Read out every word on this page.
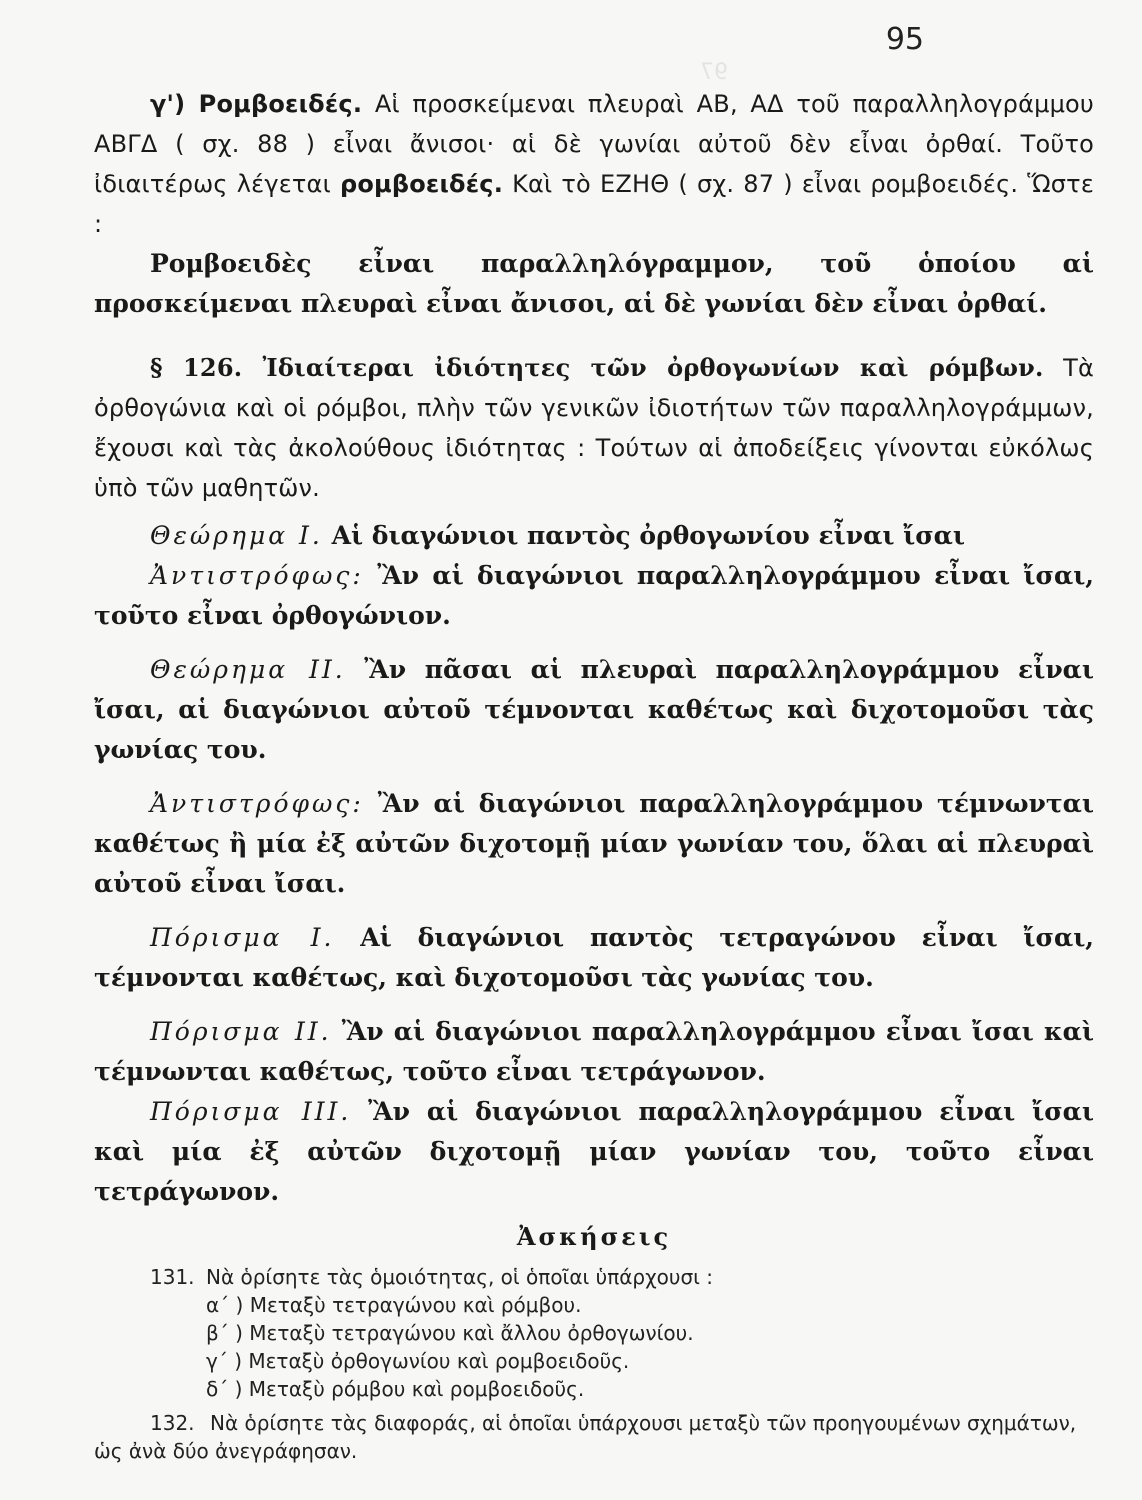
97
95

γ') Ρομβοειδές. Αἱ προσκείμεναι πλευραὶ ΑΒ, ΑΔ τοῦ παραλληλογράμμου ΑΒΓΔ ( σχ. 88 ) εἶναι ἄνισοι· αἱ δὲ γωνίαι αὐτοῦ δὲν εἶναι ὀρθαί. Τοῦτο ἰδιαιτέρως λέγεται ρομβοειδές. Καὶ τὸ ΕΖΗΘ ( σχ. 87 ) εἶναι ρομβοειδές. Ὥστε :

Ρομβοειδὲς εἶναι παραλληλόγραμμον, τοῦ ὁποίου αἱ προσκείμεναι πλευραὶ εἶναι ἄνισοι, αἱ δὲ γωνίαι δὲν εἶναι ὀρθαί.

§ 126. Ἰδιαίτεραι ἰδιότητες τῶν ὀρθογωνίων καὶ ρόμβων. Τὰ ὀρθογώνια καὶ οἱ ρόμβοι, πλὴν τῶν γενικῶν ἰδιοτήτων τῶν παραλληλογράμμων, ἔχουσι καὶ τὰς ἀκολούθους ἰδιότητας : Τούτων αἱ ἀποδείξεις γίνονται εὐκόλως ὑπὸ τῶν μαθητῶν.

Θεώρημα Ι. Αἱ διαγώνιοι παντὸς ὀρθογωνίου εἶναι ἴσαι

Ἀντιστρόφως: Ἂν αἱ διαγώνιοι παραλληλογράμμου εἶναι ἴσαι, τοῦτο εἶναι ὀρθογώνιον.

Θεώρημα ΙΙ. Ἂν πᾶσαι αἱ πλευραὶ παραλληλογράμμου εἶναι ἴσαι, αἱ διαγώνιοι αὐτοῦ τέμνονται καθέτως καὶ διχοτομοῦσι τὰς γωνίας του.

Ἀντιστρόφως: Ἂν αἱ διαγώνιοι παραλληλογράμμου τέμνωνται καθέτως ἢ μία ἐξ αὐτῶν διχοτομῇ μίαν γωνίαν του, ὅλαι αἱ πλευραὶ αὐτοῦ εἶναι ἴσαι.

Πόρισμα Ι. Αἱ διαγώνιοι παντὸς τετραγώνου εἶναι ἴσαι, τέμνονται καθέτως, καὶ διχοτομοῦσι τὰς γωνίας του.

Πόρισμα ΙΙ. Ἂν αἱ διαγώνιοι παραλληλογράμμου εἶναι ἴσαι καὶ τέμνωνται καθέτως, τοῦτο εἶναι τετράγωνον.

Πόρισμα ΙΙΙ. Ἂν αἱ διαγώνιοι παραλληλογράμμου εἶναι ἴσαι καὶ μία ἐξ αὐτῶν διχοτομῇ μίαν γωνίαν του, τοῦτο εἶναι τετράγωνον.

Ἀσκήσεις

131. Νὰ ὁρίσητε τὰς ὁμοιότητας, οἱ ὁποῖαι ὑπάρχουσι :

α΄ ) Μεταξὺ τετραγώνου καὶ ρόμβου.

β΄ ) Μεταξὺ τετραγώνου καὶ ἄλλου ὀρθογωνίου.

γ΄ ) Μεταξὺ ὀρθογωνίου καὶ ρομβοειδοῦς.

δ΄ ) Μεταξὺ ρόμβου καὶ ρομβοειδοῦς.

132. Νὰ ὁρίσητε τὰς διαφοράς, αἱ ὁποῖαι ὑπάρχουσι μεταξὺ τῶν προηγουμένων σχημάτων, ὡς ἀνὰ δύο ἀνεγράφησαν.
